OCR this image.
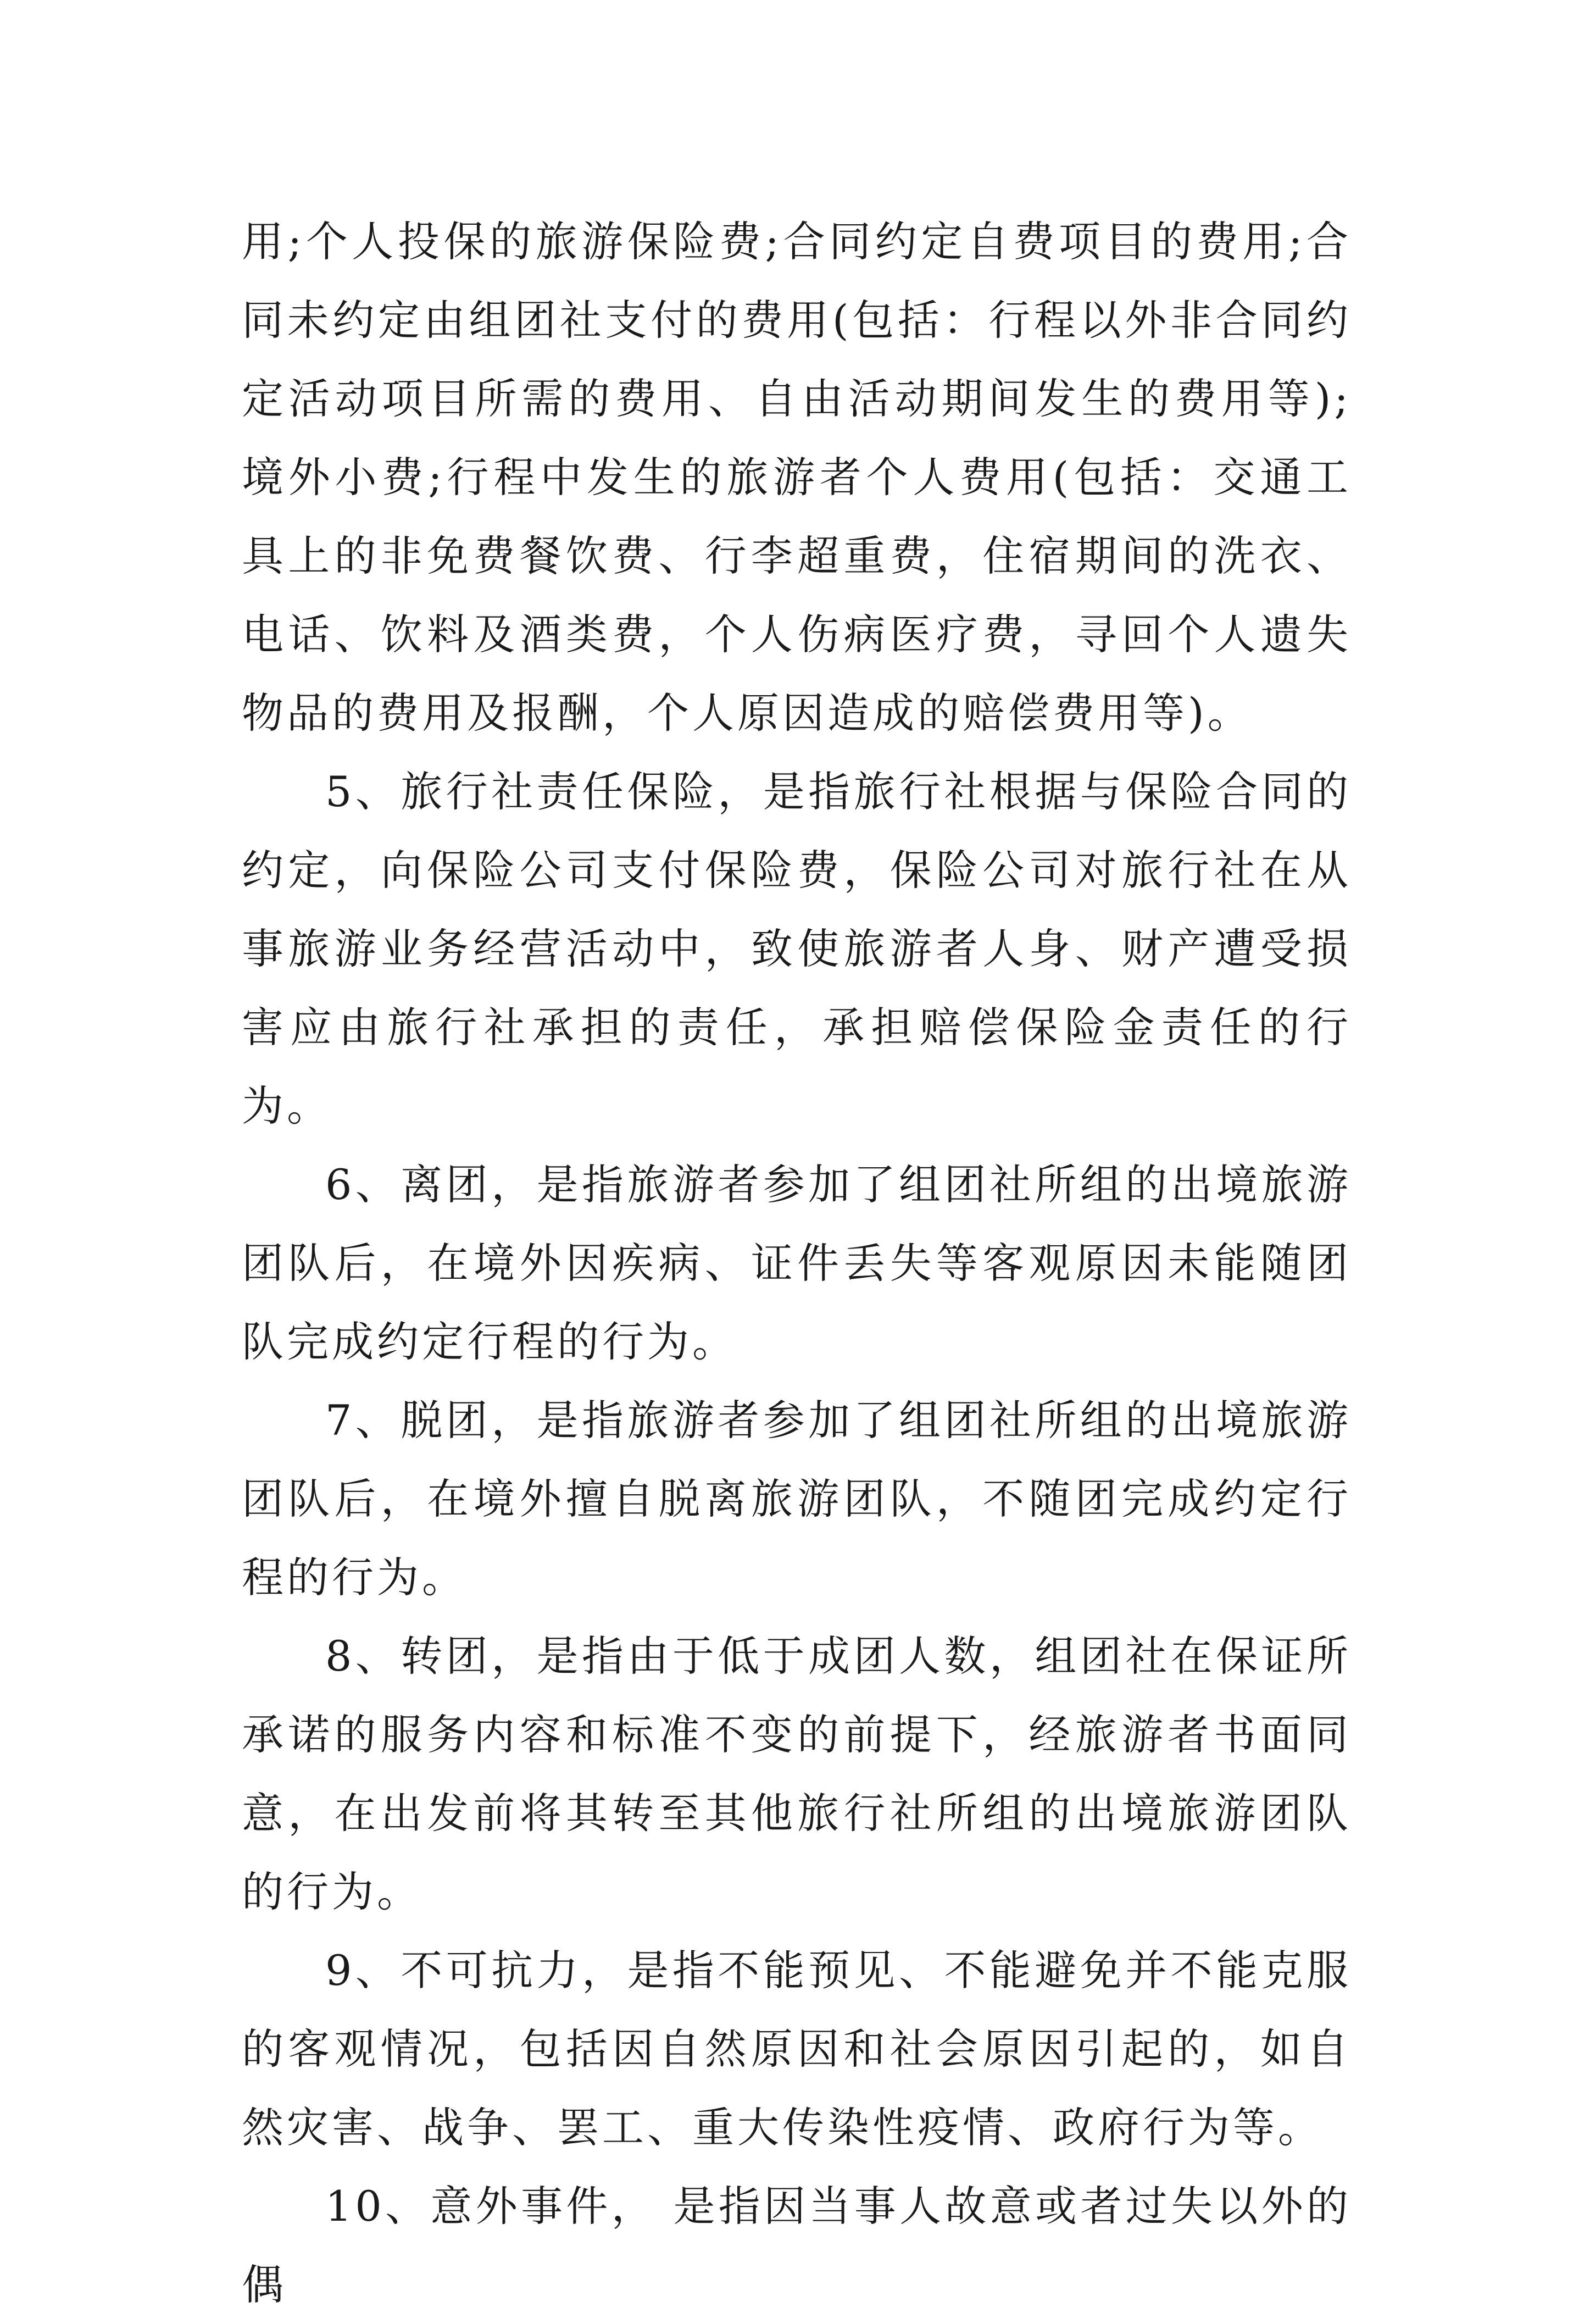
用;个人投保的旅游保险费;合同约定自费项目的费用;合同未约定由组团社支付的费用(包括：行程以外非合同约定活动项目所需的费用、自由活动期间发生的费用等);境外小费;行程中发生的旅游者个人费用(包括：交通工具上的非免费餐饮费、行李超重费，住宿期间的洗衣、电话、饮料及酒类费，个人伤病医疗费，寻回个人遗失物品的费用及报酬，个人原因造成的赔偿费用等)。

5、旅行社责任保险，是指旅行社根据与保险合同的约定，向保险公司支付保险费，保险公司对旅行社在从事旅游业务经营活动中，致使旅游者人身、财产遭受损害应由旅行社承担的责任，承担赔偿保险金责任的行为。

6、离团，是指旅游者参加了组团社所组的出境旅游团队后，在境外因疾病、证件丢失等客观原因未能随团队完成约定行程的行为。

7、脱团，是指旅游者参加了组团社所组的出境旅游团队后，在境外擅自脱离旅游团队，不随团完成约定行程的行为。

8、转团，是指由于低于成团人数，组团社在保证所承诺的服务内容和标准不变的前提下，经旅游者书面同意，在出发前将其转至其他旅行社所组的出境旅游团队的行为。

9、不可抗力，是指不能预见、不能避免并不能克服的客观情况，包括因自然原因和社会原因引起的，如自然灾害、战争、罢工、重大传染性疫情、政府行为等。

10、意外事件， 是指因当事人故意或者过失以外的偶
